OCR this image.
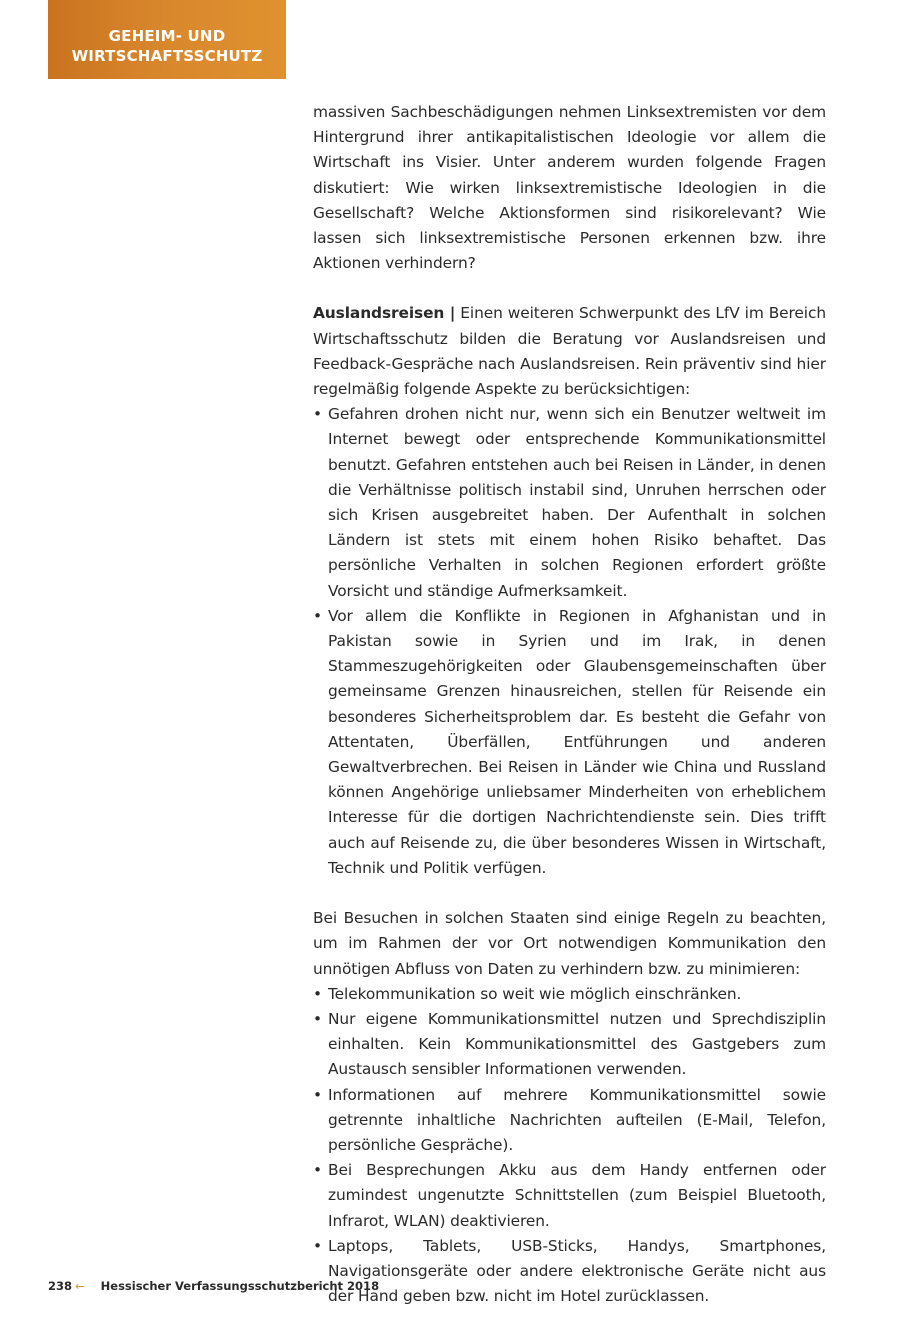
GEHEIM- UND
WIRTSCHAFTSSCHUTZ

massiven Sachbeschädigungen nehmen Linksextremisten vor dem Hintergrund ihrer antikapitalistischen Ideologie vor allem die Wirtschaft ins Visier. Unter anderem wurden folgende Fragen diskutiert: Wie wirken linksextremistische Ideologien in die Gesellschaft? Welche Aktionsformen sind risikorelevant? Wie lassen sich linksextremistische Personen erkennen bzw. ihre Aktionen verhindern?

Auslandsreisen | Einen weiteren Schwerpunkt des LfV im Bereich Wirtschaftsschutz bilden die Beratung vor Auslandsreisen und Feedback-Gespräche nach Auslandsreisen. Rein präventiv sind hier regelmäßig folgende Aspekte zu berücksichtigen:

• Gefahren drohen nicht nur, wenn sich ein Benutzer weltweit im Internet bewegt oder entsprechende Kommunikationsmittel benutzt. Gefahren entstehen auch bei Reisen in Länder, in denen die Verhältnisse politisch instabil sind, Unruhen herrschen oder sich Krisen ausgebreitet haben. Der Aufenthalt in solchen Ländern ist stets mit einem hohen Risiko behaftet. Das persönliche Verhalten in solchen Regionen erfordert größte Vorsicht und ständige Aufmerksamkeit.
• Vor allem die Konflikte in Regionen in Afghanistan und in Pakistan sowie in Syrien und im Irak, in denen Stammeszugehörigkeiten oder Glaubensgemeinschaften über gemeinsame Grenzen hinausreichen, stellen für Reisende ein besonderes Sicherheitsproblem dar. Es besteht die Gefahr von Attentaten, Überfällen, Entführungen und anderen Gewaltverbrechen. Bei Reisen in Länder wie China und Russland können Angehörige unliebsamer Minderheiten von erheblichem Interesse für die dortigen Nachrichtendienste sein. Dies trifft auch auf Reisende zu, die über besonderes Wissen in Wirtschaft, Technik und Politik verfügen.

Bei Besuchen in solchen Staaten sind einige Regeln zu beachten, um im Rahmen der vor Ort notwendigen Kommunikation den unnötigen Abfluss von Daten zu verhindern bzw. zu minimieren:

• Telekommunikation so weit wie möglich einschränken.
• Nur eigene Kommunikationsmittel nutzen und Sprechdisziplin einhalten. Kein Kommunikationsmittel des Gastgebers zum Austausch sensibler Informationen verwenden.
• Informationen auf mehrere Kommunikationsmittel sowie getrennte inhaltliche Nachrichten aufteilen (E-Mail, Telefon, persönliche Gespräche).
• Bei Besprechungen Akku aus dem Handy entfernen oder zumindest ungenutzte Schnittstellen (zum Beispiel Bluetooth, Infrarot, WLAN) deaktivieren.
• Laptops, Tablets, USB-Sticks, Handys, Smartphones, Navigationsgeräte oder andere elektronische Geräte nicht aus der Hand geben bzw. nicht im Hotel zurücklassen.
238 ← Hessischer Verfassungsschutzbericht 2018
